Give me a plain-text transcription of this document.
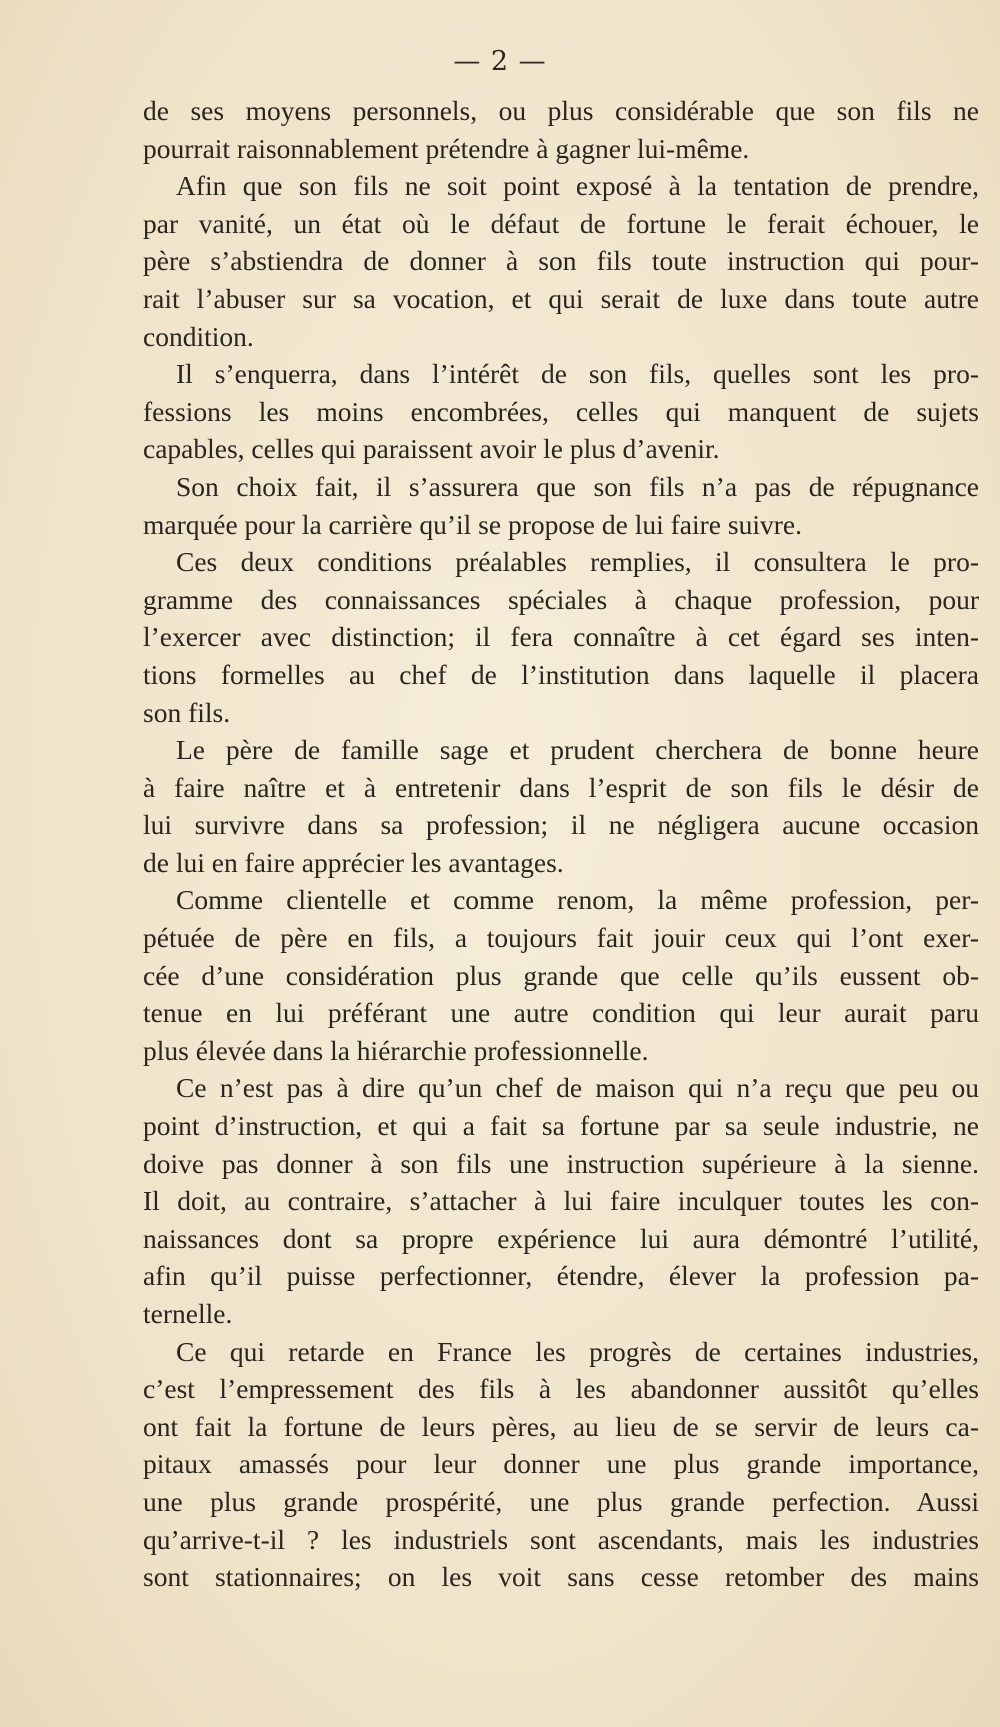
— 2 —

de ses moyens personnels, ou plus considérable que son fils ne

pourrait raisonnablement prétendre à gagner lui-même.

Afin que son fils ne soit point exposé à la tentation de prendre,

par vanité, un état où le défaut de fortune le ferait échouer, le

père s’abstiendra de donner à son fils toute instruction qui pour-

rait l’abuser sur sa vocation, et qui serait de luxe dans toute autre

condition.

Il s’enquerra, dans l’intérêt de son fils, quelles sont les pro-

fessions les moins encombrées, celles qui manquent de sujets

capables, celles qui paraissent avoir le plus d’avenir.

Son choix fait, il s’assurera que son fils n’a pas de répugnance

marquée pour la carrière qu’il se propose de lui faire suivre.

Ces deux conditions préalables remplies, il consultera le pro-

gramme des connaissances spéciales à chaque profession, pour

l’exercer avec distinction; il fera connaître à cet égard ses inten-

tions formelles au chef de l’institution dans laquelle il placera

son fils.

Le père de famille sage et prudent cherchera de bonne heure

à faire naître et à entretenir dans l’esprit de son fils le désir de

lui survivre dans sa profession; il ne négligera aucune occasion

de lui en faire apprécier les avantages.

Comme clientelle et comme renom, la même profession, per-

pétuée de père en fils, a toujours fait jouir ceux qui l’ont exer-

cée d’une considération plus grande que celle qu’ils eussent ob-

tenue en lui préférant une autre condition qui leur aurait paru

plus élevée dans la hiérarchie professionnelle.

Ce n’est pas à dire qu’un chef de maison qui n’a reçu que peu ou

point d’instruction, et qui a fait sa fortune par sa seule industrie, ne

doive pas donner à son fils une instruction supérieure à la sienne.

Il doit, au contraire, s’attacher à lui faire inculquer toutes les con-

naissances dont sa propre expérience lui aura démontré l’utilité,

afin qu’il puisse perfectionner, étendre, élever la profession pa-

ternelle.

Ce qui retarde en France les progrès de certaines industries,

c’est l’empressement des fils à les abandonner aussitôt qu’elles

ont fait la fortune de leurs pères, au lieu de se servir de leurs ca-

pitaux amassés pour leur donner une plus grande importance,

une plus grande prospérité, une plus grande perfection. Aussi

qu’arrive-t-il ? les industriels sont ascendants, mais les industries

sont stationnaires; on les voit sans cesse retomber des mains
